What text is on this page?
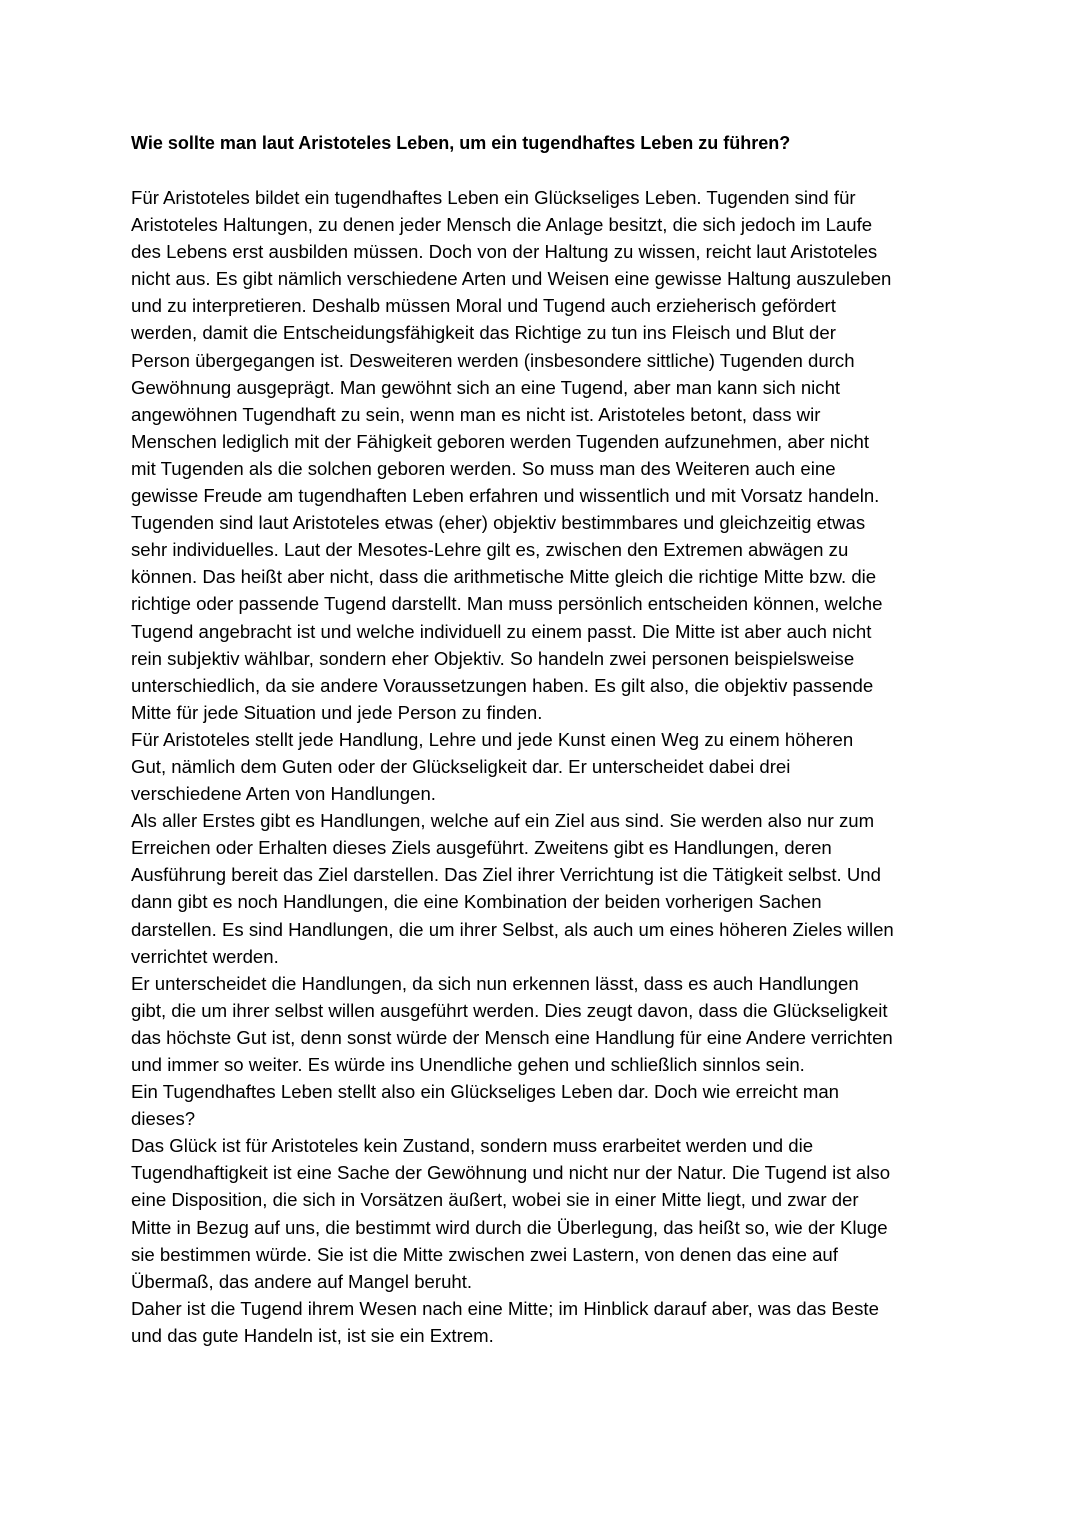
Wie sollte man laut Aristoteles Leben, um ein tugendhaftes Leben zu führen?
Für Aristoteles bildet ein tugendhaftes Leben ein Glückseliges Leben. Tugenden sind für
Aristoteles Haltungen, zu denen jeder Mensch die Anlage besitzt, die sich jedoch im Laufe
des Lebens erst ausbilden müssen. Doch von der Haltung zu wissen, reicht laut Aristoteles
nicht aus. Es gibt nämlich verschiedene Arten und Weisen eine gewisse Haltung auszuleben
und zu interpretieren. Deshalb müssen Moral und Tugend auch erzieherisch gefördert
werden, damit die Entscheidungsfähigkeit das Richtige zu tun ins Fleisch und Blut der
Person übergegangen ist. Desweiteren werden (insbesondere sittliche) Tugenden durch
Gewöhnung ausgeprägt. Man gewöhnt sich an eine Tugend, aber man kann sich nicht
angewöhnen Tugendhaft zu sein, wenn man es nicht ist. Aristoteles betont, dass wir
Menschen lediglich mit der Fähigkeit geboren werden Tugenden aufzunehmen, aber nicht
mit Tugenden als die solchen geboren werden. So muss man des Weiteren auch eine
gewisse Freude am tugendhaften Leben erfahren und wissentlich und mit Vorsatz handeln.
Tugenden sind laut Aristoteles etwas (eher) objektiv bestimmbares und gleichzeitig etwas
sehr individuelles. Laut der Mesotes-Lehre gilt es, zwischen den Extremen abwägen zu
können. Das heißt aber nicht, dass die arithmetische Mitte gleich die richtige Mitte bzw. die
richtige oder passende Tugend darstellt. Man muss persönlich entscheiden können, welche
Tugend angebracht ist und welche individuell zu einem passt. Die Mitte ist aber auch nicht
rein subjektiv wählbar, sondern eher Objektiv. So handeln zwei personen beispielsweise
unterschiedlich, da sie andere Voraussetzungen haben. Es gilt also, die objektiv passende
Mitte für jede Situation und jede Person zu finden.
Für Aristoteles stellt jede Handlung, Lehre und jede Kunst einen Weg zu einem höheren
Gut, nämlich dem Guten oder der Glückseligkeit dar. Er unterscheidet dabei drei
verschiedene Arten von Handlungen.
Als aller Erstes gibt es Handlungen, welche auf ein Ziel aus sind. Sie werden also nur zum
Erreichen oder Erhalten dieses Ziels ausgeführt. Zweitens gibt es Handlungen, deren
Ausführung bereit das Ziel darstellen. Das Ziel ihrer Verrichtung ist die Tätigkeit selbst. Und
dann gibt es noch Handlungen, die eine Kombination der beiden vorherigen Sachen
darstellen. Es sind Handlungen, die um ihrer Selbst, als auch um eines höheren Zieles willen
verrichtet werden.
Er unterscheidet die Handlungen, da sich nun erkennen lässt, dass es auch Handlungen
gibt, die um ihrer selbst willen ausgeführt werden. Dies zeugt davon, dass die Glückseligkeit
das höchste Gut ist, denn sonst würde der Mensch eine Handlung für eine Andere verrichten
und immer so weiter. Es würde ins Unendliche gehen und schließlich sinnlos sein.
Ein Tugendhaftes Leben stellt also ein Glückseliges Leben dar. Doch wie erreicht man
dieses?
Das Glück ist für Aristoteles kein Zustand, sondern muss erarbeitet werden und die
Tugendhaftigkeit ist eine Sache der Gewöhnung und nicht nur der Natur. Die Tugend ist also
eine Disposition, die sich in Vorsätzen äußert, wobei sie in einer Mitte liegt, und zwar der
Mitte in Bezug auf uns, die bestimmt wird durch die Überlegung, das heißt so, wie der Kluge
sie bestimmen würde. Sie ist die Mitte zwischen zwei Lastern, von denen das eine auf
Übermaß, das andere auf Mangel beruht.
Daher ist die Tugend ihrem Wesen nach eine Mitte; im Hinblick darauf aber, was das Beste
und das gute Handeln ist, ist sie ein Extrem.
